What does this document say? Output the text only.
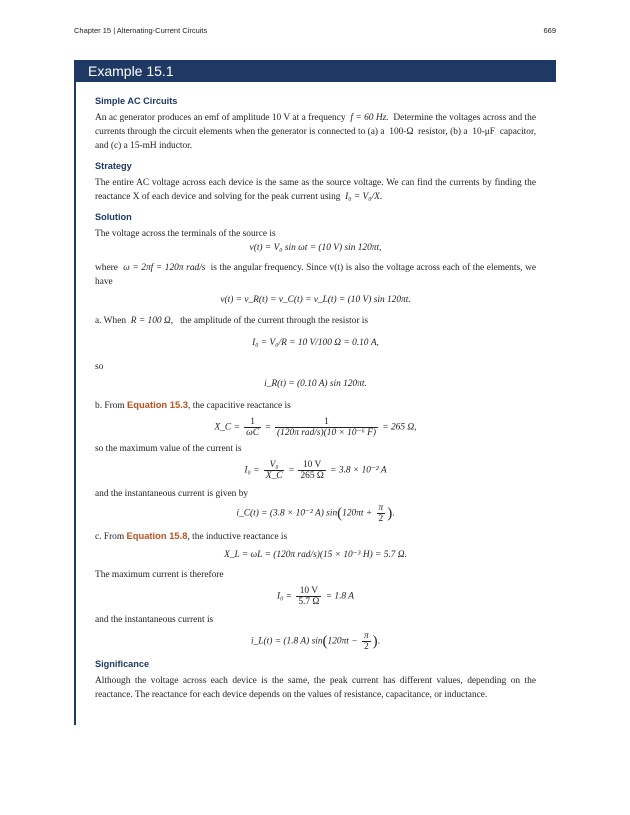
Chapter 15 | Alternating-Current Circuits	669
Example 15.1
Simple AC Circuits

An ac generator produces an emf of amplitude 10 V at a frequency f = 60 Hz. Determine the voltages across and the currents through the circuit elements when the generator is connected to (a) a 100-Ω resistor, (b) a 10-μF capacitor, and (c) a 15-mH inductor.

Strategy

The entire AC voltage across each device is the same as the source voltage. We can find the currents by finding the reactance X of each device and solving for the peak current using I₀ = V₀/X.

Solution

The voltage across the terminals of the source is

v(t) = V₀ sin ωt = (10 V) sin 120πt,

where ω = 2πf = 120π rad/s is the angular frequency. Since v(t) is also the voltage across each of the elements, we have

v(t) = v_R(t) = v_C(t) = v_L(t) = (10 V) sin 120πt.

a. When R = 100 Ω, the amplitude of the current through the resistor is

I₀ = V₀/R = 10 V/100 Ω = 0.10 A,

so

i_R(t) = (0.10 A) sin 120πt.

b. From Equation 15.3, the capacitive reactance is

X_C = $\frac{1}{\omega C}$ =
1
(120π rad/s)(10 × 10⁻⁶ F)
= 265 Ω,

so the maximum value of the current is

$I_0 = \frac{\text{V₀}}{X\_C} = \frac{10 V}{265 \Omega} = 3.8 \times 10^{-2}$ A

and the instantaneous current is given by

i_C(t) = (3.8 × 10⁻² A) $\sin(120\pi t + \frac{\pi}{2}$ ).

c. From Equation 15.8, the inductive reactance is

X_L = ωL = (120π rad/s)(15 × 10⁻³ H) = 5.7 Ω.

The maximum current is therefore

$I_0 = \frac{10 V}{5.7 \Omega} = 1.8$ A

and the instantaneous current is

i_L(t) = (1.8 A) $\sin(120\pi t - \frac{\pi}{2}$ ).

Significance

Although the voltage across each device is the same, the peak current has different values, depending on the reactance. The reactance for each device depends on the values of resistance, capacitance, or inductance.
